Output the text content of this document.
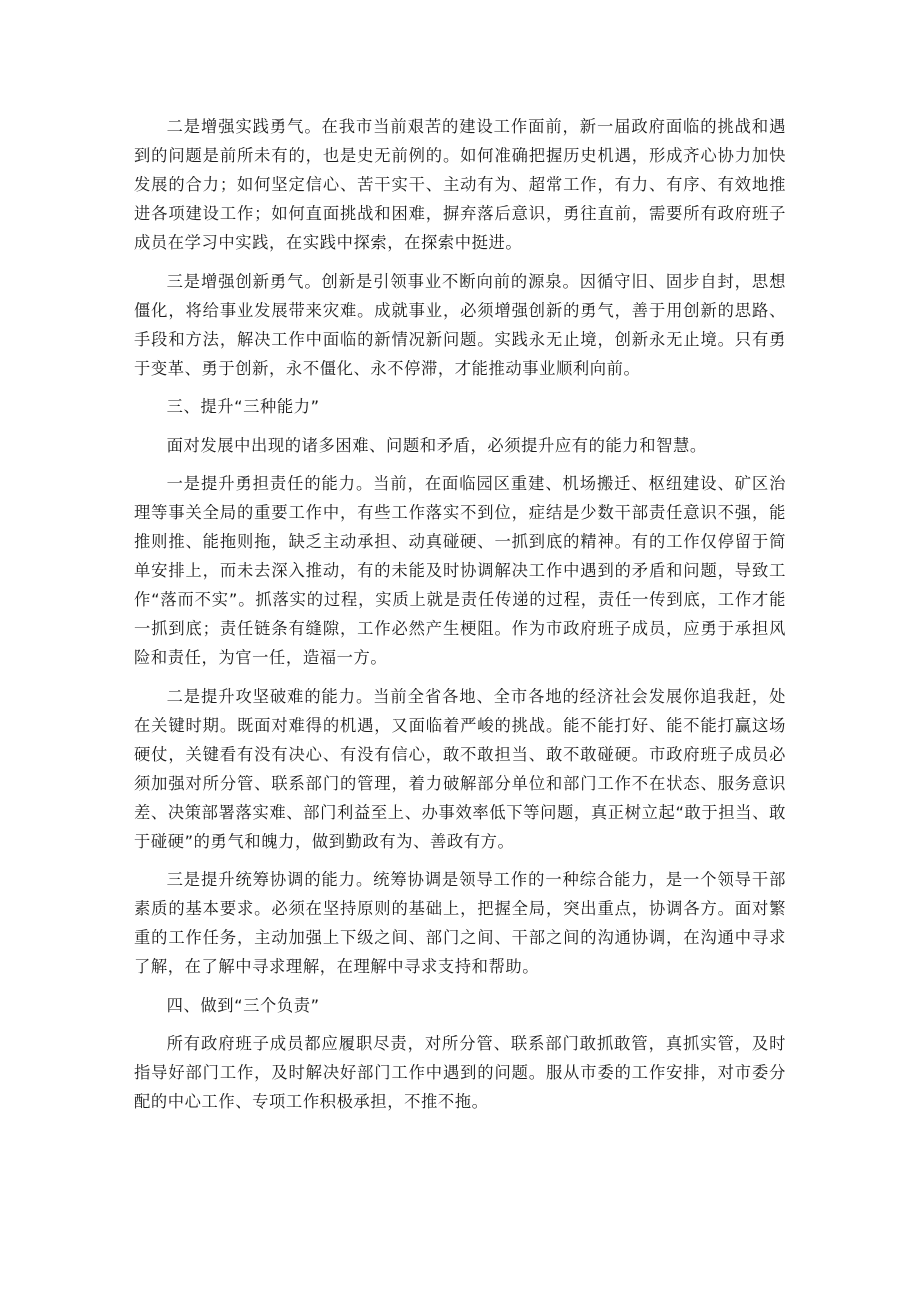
二是增强实践勇气。在我市当前艰苦的建设工作面前，新一届政府面临的挑战和遇到的问题是前所未有的，也是史无前例的。如何准确把握历史机遇，形成齐心协力加快发展的合力；如何坚定信心、苦干实干、主动有为、超常工作，有力、有序、有效地推进各项建设工作；如何直面挑战和困难，摒弃落后意识，勇往直前，需要所有政府班子成员在学习中实践，在实践中探索，在探索中挺进。

三是增强创新勇气。创新是引领事业不断向前的源泉。因循守旧、固步自封，思想僵化，将给事业发展带来灾难。成就事业，必须增强创新的勇气，善于用创新的思路、手段和方法，解决工作中面临的新情况新问题。实践永无止境，创新永无止境。只有勇于变革、勇于创新，永不僵化、永不停滞，才能推动事业顺利向前。

三、提升“三种能力”

面对发展中出现的诸多困难、问题和矛盾，必须提升应有的能力和智慧。

一是提升勇担责任的能力。当前，在面临园区重建、机场搬迁、枢纽建设、矿区治理等事关全局的重要工作中，有些工作落实不到位，症结是少数干部责任意识不强，能推则推、能拖则拖，缺乏主动承担、动真碰硬、一抓到底的精神。有的工作仅停留于简单安排上，而未去深入推动，有的未能及时协调解决工作中遇到的矛盾和问题，导致工作“落而不实”。抓落实的过程，实质上就是责任传递的过程，责任一传到底，工作才能一抓到底；责任链条有缝隙，工作必然产生梗阻。作为市政府班子成员，应勇于承担风险和责任，为官一任，造福一方。

二是提升攻坚破难的能力。当前全省各地、全市各地的经济社会发展你追我赶，处在关键时期。既面对难得的机遇，又面临着严峻的挑战。能不能打好、能不能打赢这场硬仗，关键看有没有决心、有没有信心，敢不敢担当、敢不敢碰硬。市政府班子成员必须加强对所分管、联系部门的管理，着力破解部分单位和部门工作不在状态、服务意识差、决策部署落实难、部门利益至上、办事效率低下等问题，真正树立起“敢于担当、敢于碰硬”的勇气和魄力，做到勤政有为、善政有方。

三是提升统筹协调的能力。统筹协调是领导工作的一种综合能力，是一个领导干部素质的基本要求。必须在坚持原则的基础上，把握全局，突出重点，协调各方。面对繁重的工作任务，主动加强上下级之间、部门之间、干部之间的沟通协调，在沟通中寻求了解，在了解中寻求理解，在理解中寻求支持和帮助。

四、做到“三个负责”

所有政府班子成员都应履职尽责，对所分管、联系部门敢抓敢管，真抓实管，及时指导好部门工作，及时解决好部门工作中遇到的问题。服从市委的工作安排，对市委分配的中心工作、专项工作积极承担，不推不拖。
